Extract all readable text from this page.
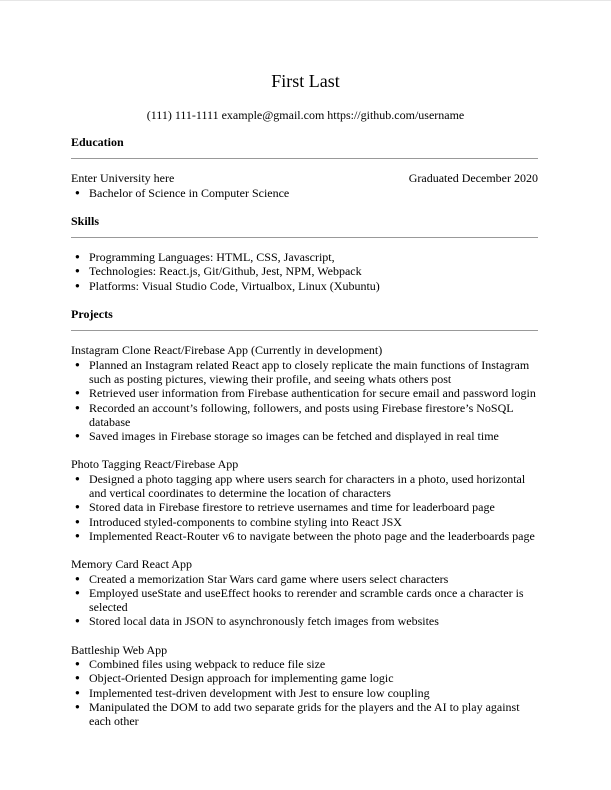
First Last
(111) 111-1111 example@gmail.com https://github.com/username
Education
Enter University here	Graduated December 2020
● Bachelor of Science in Computer Science
Skills
● Programming Languages: HTML, CSS, Javascript,
● Technologies: React.js, Git/Github, Jest, NPM, Webpack
● Platforms: Visual Studio Code, Virtualbox, Linux (Xubuntu)
Projects
Instagram Clone React/Firebase App (Currently in development)
● Planned an Instagram related React app to closely replicate the main functions of Instagram such as posting pictures, viewing their profile, and seeing whats others post
● Retrieved user information from Firebase authentication for secure email and password login
● Recorded an account’s following, followers, and posts using Firebase firestore’s NoSQL database
● Saved images in Firebase storage so images can be fetched and displayed in real time
Photo Tagging React/Firebase App
● Designed a photo tagging app where users search for characters in a photo, used horizontal and vertical coordinates to determine the location of characters
● Stored data in Firebase firestore to retrieve usernames and time for leaderboard page
● Introduced styled-components to combine styling into React JSX
● Implemented React-Router v6 to navigate between the photo page and the leaderboards page
Memory Card React App
● Created a memorization Star Wars card game where users select characters
● Employed useState and useEffect hooks to rerender and scramble cards once a character is selected
● Stored local data in JSON to asynchronously fetch images from websites
Battleship Web App
● Combined files using webpack to reduce file size
● Object-Oriented Design approach for implementing game logic
● Implemented test-driven development with Jest to ensure low coupling
● Manipulated the DOM to add two separate grids for the players and the AI to play against each other
